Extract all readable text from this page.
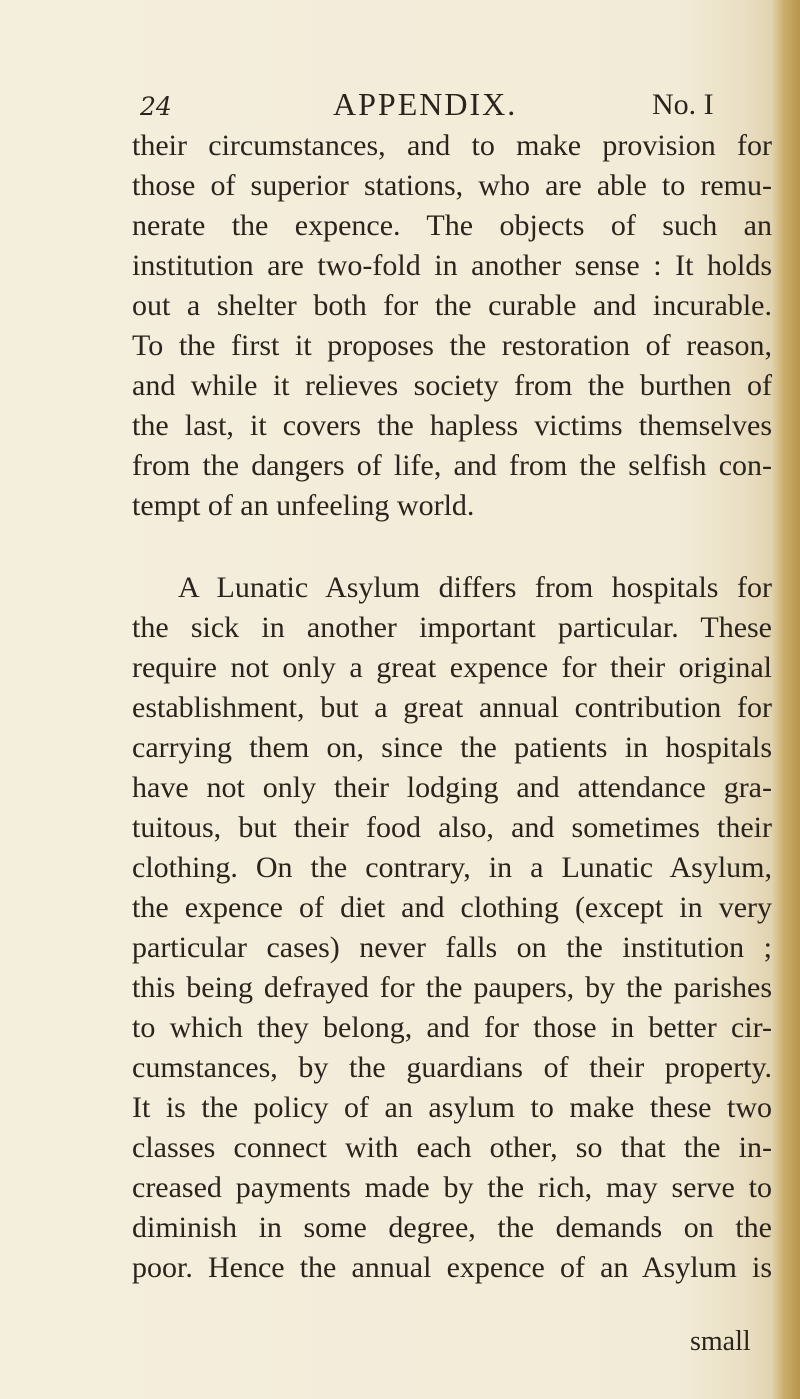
24	APPENDIX.	No. I
their circumstances, and to make provision for
those of superior stations, who are able to remu-
nerate the expence. The objects of such an
institution are two-fold in another sense : It holds
out a shelter both for the curable and incurable.
To the first it proposes the restoration of reason,
and while it relieves society from the burthen of
the last, it covers the hapless victims themselves
from the dangers of life, and from the selfish con-
tempt of an unfeeling world.
A Lunatic Asylum differs from hospitals for
the sick in another important particular. These
require not only a great expence for their original
establishment, but a great annual contribution for
carrying them on, since the patients in hospitals
have not only their lodging and attendance gra-
tuitous, but their food also, and sometimes their
clothing. On the contrary, in a Lunatic Asylum,
the expence of diet and clothing (except in very
particular cases) never falls on the institution ;
this being defrayed for the paupers, by the parishes
to which they belong, and for those in better cir-
cumstances, by the guardians of their property.
It is the policy of an asylum to make these two
classes connect with each other, so that the in-
creased payments made by the rich, may serve to
diminish in some degree, the demands on the
poor. Hence the annual expence of an Asylum is
small
